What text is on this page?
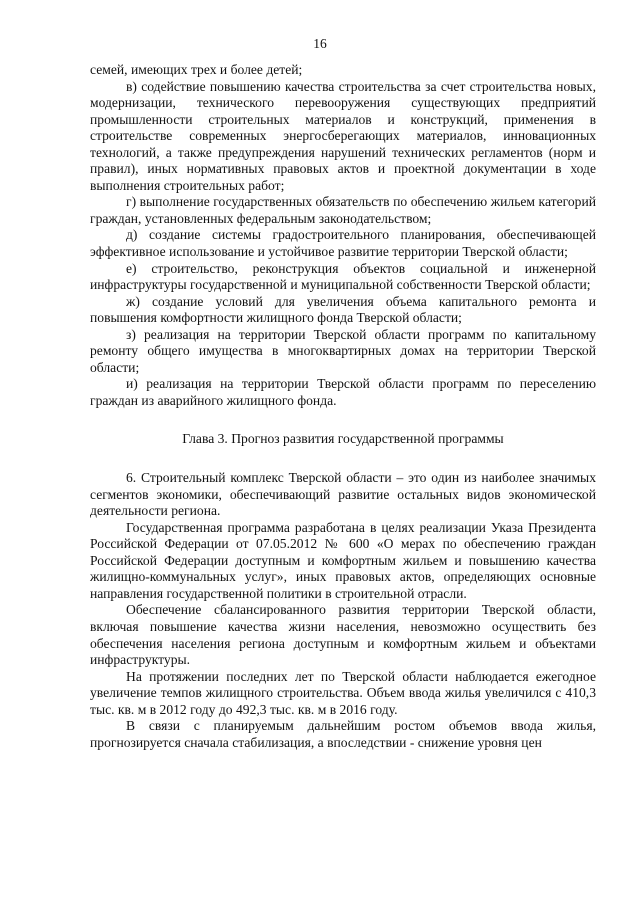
16

семей, имеющих трех и более детей;

в) содействие повышению качества строительства за счет строительства новых, модернизации, технического перевооружения существующих предприятий промышленности строительных материалов и конструкций, применения в строительстве современных энергосберегающих материалов, инновационных технологий, а также предупреждения нарушений технических регламентов (норм и правил), иных нормативных правовых актов и проектной документации в ходе выполнения строительных работ;

г) выполнение государственных обязательств по обеспечению жильем категорий граждан, установленных федеральным законодательством;

д) создание системы градостроительного планирования, обеспечивающей эффективное использование и устойчивое развитие территории Тверской области;

е) строительство, реконструкция объектов социальной и инженерной инфраструктуры государственной и муниципальной собственности Тверской области;

ж) создание условий для увеличения объема капитального ремонта и повышения комфортности жилищного фонда Тверской области;

з) реализация на территории Тверской области программ по капитальному ремонту общего имущества в многоквартирных домах на территории Тверской области;

и) реализация на территории Тверской области программ по переселению граждан из аварийного жилищного фонда.

Глава 3. Прогноз развития государственной программы

6. Строительный комплекс Тверской области – это один из наиболее значимых сегментов экономики, обеспечивающий развитие остальных видов экономической деятельности региона.

Государственная программа разработана в целях реализации Указа Президента Российской Федерации от 07.05.2012 № 600 «О мерах по обеспечению граждан Российской Федерации доступным и комфортным жильем и повышению качества жилищно-коммунальных услуг», иных правовых актов, определяющих основные направления государственной политики в строительной отрасли.

Обеспечение сбалансированного развития территории Тверской области, включая повышение качества жизни населения, невозможно осуществить без обеспечения населения региона доступным и комфортным жильем и объектами инфраструктуры.

На протяжении последних лет по Тверской области наблюдается ежегодное увеличение темпов жилищного строительства. Объем ввода жилья увеличился с 410,3 тыс. кв. м в 2012 году до 492,3 тыс. кв. м в 2016 году.

В связи с планируемым дальнейшим ростом объемов ввода жилья, прогнозируется сначала стабилизация, а впоследствии - снижение уровня цен
